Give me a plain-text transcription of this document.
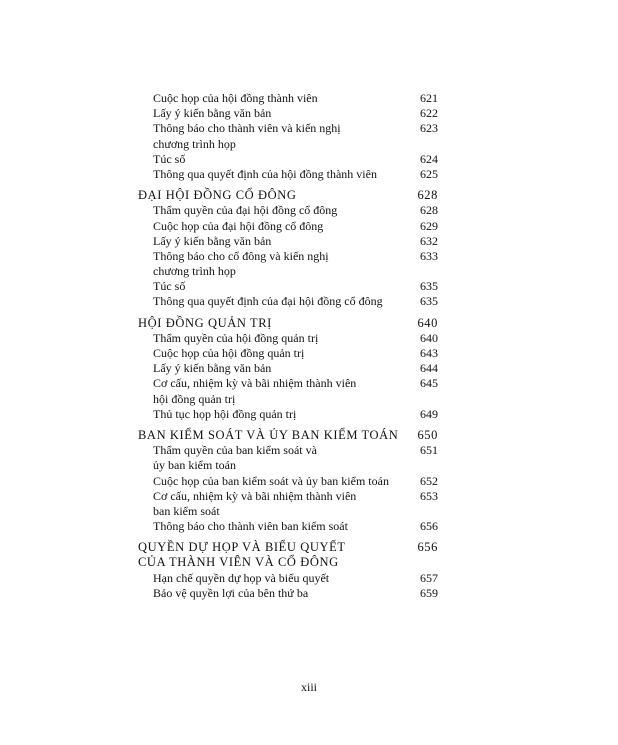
Cuộc họp của hội đồng thành viên	621
Lấy ý kiến bằng văn bản	622
Thông báo cho thành viên và kiến nghị	623
chương trình họp
Túc số	624
Thông qua quyết định của hội đồng thành viên	625
ĐẠI HỘI ĐỒNG CỔ ĐÔNG	628
Thẩm quyền của đại hội đồng cổ đông	628
Cuộc họp của đại hội đồng cổ đông	629
Lấy ý kiến bằng văn bản	632
Thông báo cho cổ đông và kiến nghị	633
chương trình họp
Túc số	635
Thông qua quyết định của đại hội đồng cổ đông	635
HỘI ĐỒNG QUẢN TRỊ	640
Thẩm quyền của hội đồng quản trị	640
Cuộc họp của hội đồng quản trị	643
Lấy ý kiến bằng văn bản	644
Cơ cấu, nhiệm kỳ và bãi nhiệm thành viên	645
hội đồng quản trị
Thủ tục họp hội đồng quản trị	649
BAN KIỂM SOÁT VÀ ỦY BAN KIỂM TOÁN	650
Thẩm quyền của ban kiểm soát và	651
ủy ban kiểm toán
Cuộc họp của ban kiểm soát và ủy ban kiểm toán	652
Cơ cấu, nhiệm kỳ và bãi nhiệm thành viên	653
ban kiểm soát
Thông báo cho thành viên ban kiểm soát	656
QUYỀN DỰ HỌP VÀ BIỂU QUYẾT	656
CỦA THÀNH VIÊN VÀ CỔ ĐÔNG
Hạn chế quyền dự họp và biểu quyết	657
Bảo vệ quyền lợi của bên thứ ba	659
xiii
